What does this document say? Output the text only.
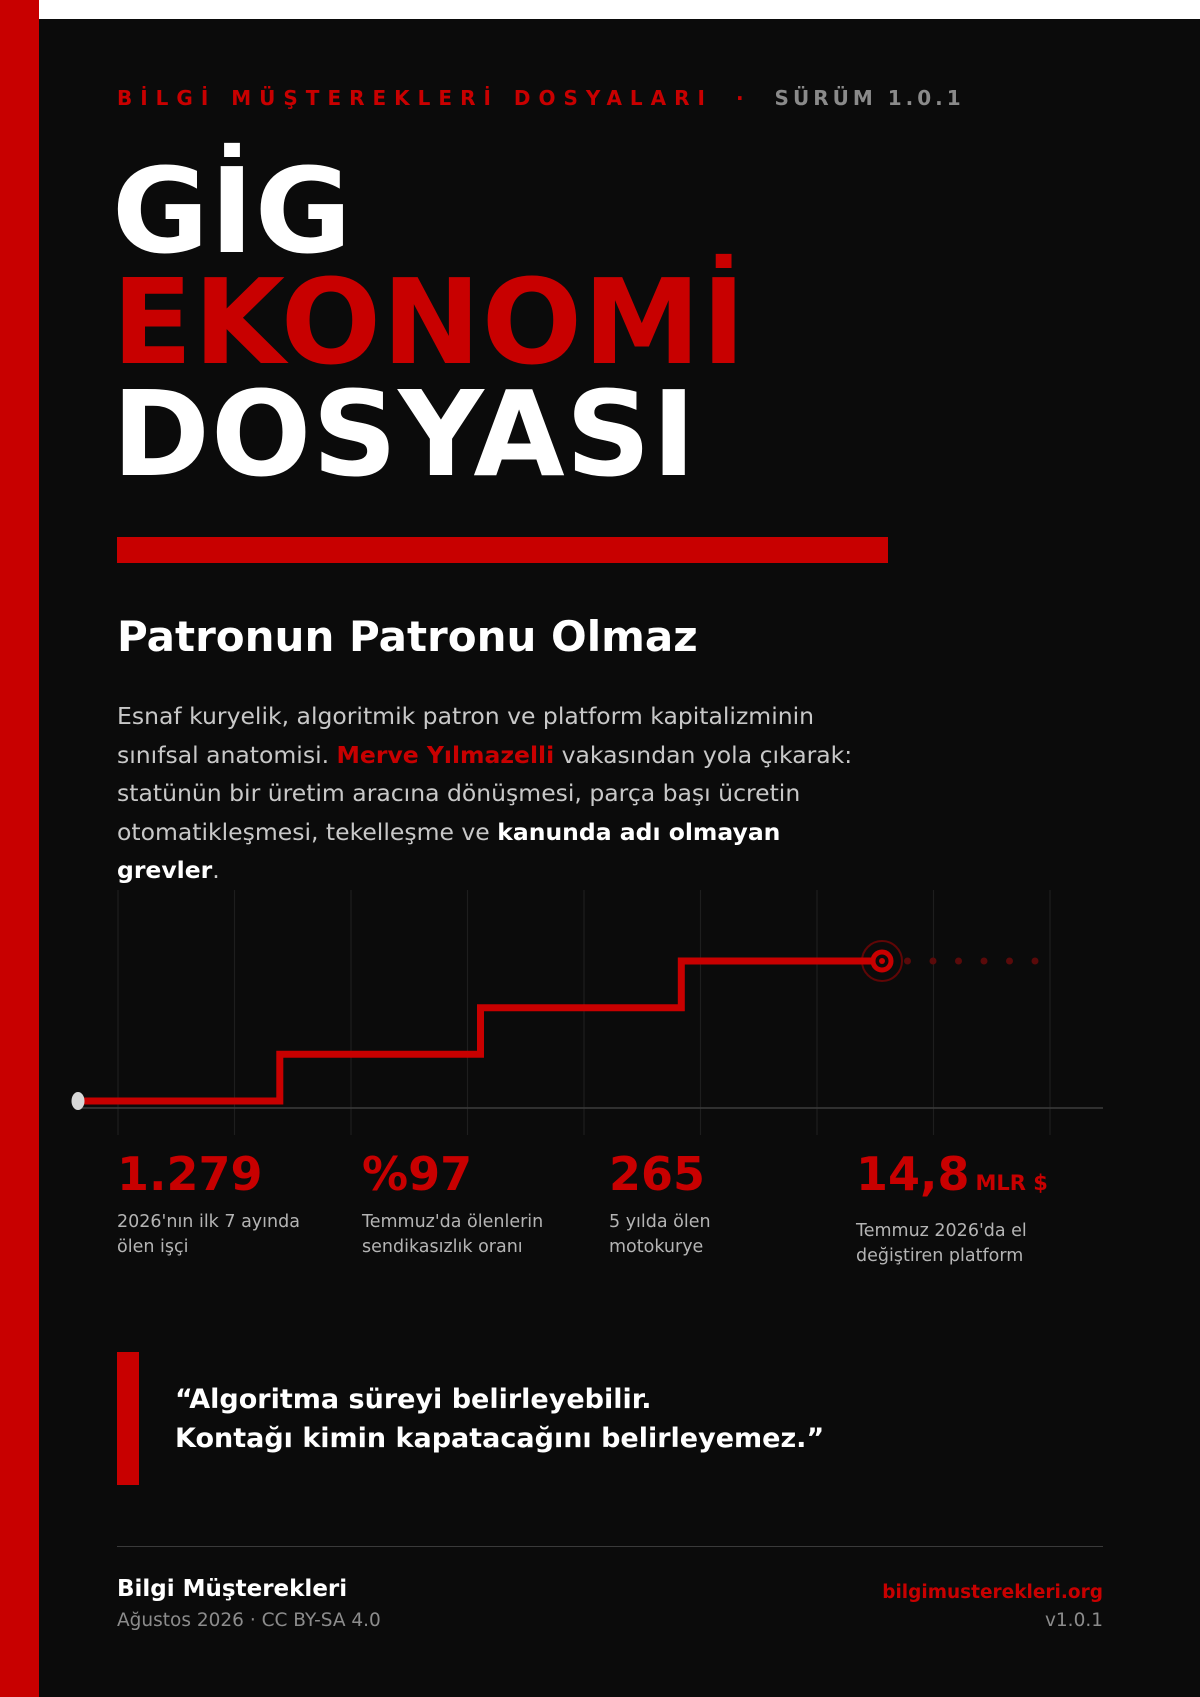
BİLGİ MÜŞTEREKLERİ DOSYALARI · SÜRÜM 1.0.1
GİG
EKONOMİ
DOSYASI
Patronun Patronu Olmaz
Esnaf kuryelik, algoritmik patron ve platform kapitalizminin sınıfsal anatomisi. Merve Yılmazelli vakasından yola çıkarak: statünün bir üretim aracına dönüşmesi, parça başı ücretin otomatikleşmesi, tekelleşme ve kanunda adı olmayan grevler.
1.279
2026'nın ilk 7 ayında ölen işçi
%97
Temmuz'da ölenlerin sendikasızlık oranı
265
5 yılda ölen motokurye
14,8 MLR $
Temmuz 2026'da el değiştiren platform
“Algoritma süreyi belirleyebilir.
Kontağı kimin kapatacağını belirleyemez.”
Bilgi Müşterekleri
Ağustos 2026 · CC BY-SA 4.0
bilgimusterekleri.org
v1.0.1
